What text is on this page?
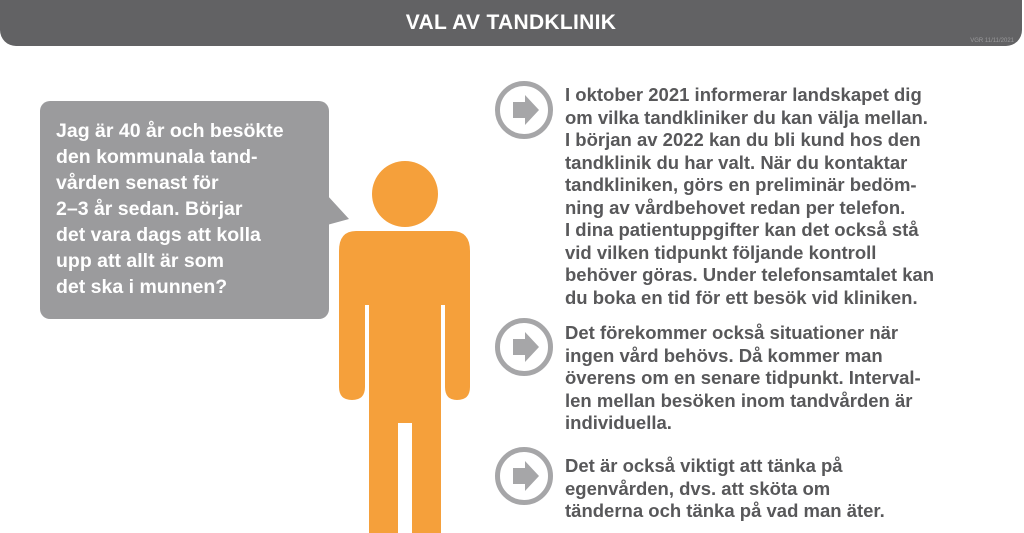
VAL AV TANDKLINIK
VGR 11/11/2021
Jag är 40 år och besökte
den kommunala tand-
vården senast för
2–3 år sedan. Börjar
det vara dags att kolla
upp att allt är som
det ska i munnen?
I oktober 2021 informerar landskapet dig
om vilka tandkliniker du kan välja mellan.
I början av 2022 kan du bli kund hos den
tandklinik du har valt. När du kontaktar
tandkliniken, görs en preliminär bedöm-
ning av vårdbehovet redan per telefon.
I dina patientuppgifter kan det också stå
vid vilken tidpunkt följande kontroll
behöver göras. Under telefonsamtalet kan
du boka en tid för ett besök vid kliniken.
Det förekommer också situationer när
ingen vård behövs. Då kommer man
överens om en senare tidpunkt. Interval-
len mellan besöken inom tandvården är
individuella.
Det är också viktigt att tänka på
egenvården, dvs. att sköta om
tänderna och tänka på vad man äter.
